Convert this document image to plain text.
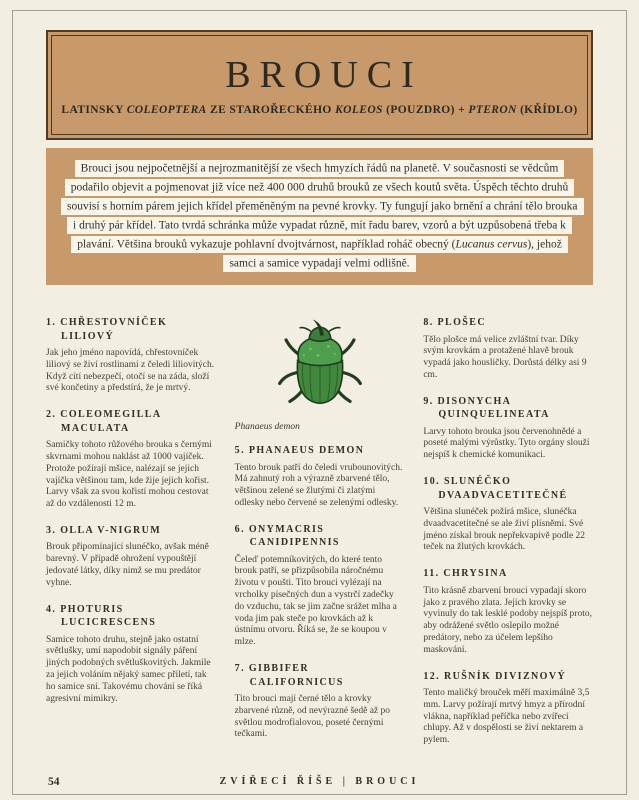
BROUCI

LATINSKY COLEOPTERA ZE STAROŘECKÉHO KOLEOS (POUZDRO) + PTERON (KŘÍDLO)

Brouci jsou nejpočetnější a nejrozmanitější ze všech hmyzích řádů na planetě. V současnosti se vědcům podařilo objevit a pojmenovat již více než 400 000 druhů brouků ze všech koutů světa. Úspěch těchto druhů souvisí s horním párem jejich křídel přeměněným na pevné krovky. Ty fungují jako brnění a chrání tělo brouka i druhý pár křídel. Tato tvrdá schránka může vypadat různě, mít řadu barev, vzorů a být uzpůsobená třeba k plavání. Většina brouků vykazuje pohlavní dvojtvárnost, například roháč obecný (Lucanus cervus), jehož samci a samice vypadají velmi odlišně.

1. CHŘESTOVNÍČEK LILIOVÝ

Jak jeho jméno napovídá, chřestovníček liliový se živí rostlinami z čeledi liliovitých. Když cítí nebezpečí, otočí se na záda, složí své končetiny a předstírá, že je mrtvý.

2. COLEOMEGILLA MACULATA

Samičky tohoto růžového brouka s černými skvrnami mohou naklást až 1000 vajíček. Protože požírají mšice, nalézají se jejich vajíčka většinou tam, kde žije jejich kořist. Larvy však za svou kořistí mohou cestovat až do vzdálenosti 12 m.

3. OLLA V-NIGRUM

Brouk připomínající slunéčko, avšak méně barevný. V případě ohrožení vypouštějí jedovaté látky, díky nimž se mu predátor vyhne.

4. PHOTURIS LUCICRESCENS

Samice tohoto druhu, stejně jako ostatní světlušky, umí napodobit signály páření jiných podobných světluškovitých. Jakmile za jejich voláním nějaký samec přiletí, tak ho samice sní. Takovému chování se říká agresivní mimikry.

Phanaeus demon
5. PHANAEUS DEMON

Tento brouk patří do čeledi vrubounovitých. Má zahnutý roh a výrazně zbarvené tělo, většinou zelené se žlutými či zlatými odlesky nebo červené se zelenými odlesky.

6. ONYMACRIS CANIDIPENNIS

Čeleď potemníkovitých, do které tento brouk patří, se přizpůsobila náročnému životu v poušti. Tito brouci vylézají na vrcholky písečných dun a vystrčí zadečky do vzduchu, tak se jim začne srážet mlha a voda jim pak steče po krovkách až k ústnímu otvoru. Říká se, že se koupou v mlze.

7. GIBBIFER CALIFORNICUS

Tito brouci mají černé tělo a krovky zbarvené různě, od nevýrazné šedě až po světlou modrofialovou, poseté černými tečkami.

8. PLOŠEC

Tělo plošce má velice zvláštní tvar. Díky svým krovkám a protažené hlavě brouk vypadá jako housličky. Dorůstá délky asi 9 cm.

9. DISONYCHA QUINQUELINEATA

Larvy tohoto brouka jsou červenohnědé a poseté malými výrůstky. Tyto orgány slouží nejspíš k chemické komunikaci.

10. SLUNÉČKO DVAADVACETITEČNÉ

Většina slunéček požírá mšice, slunéčka dvaadvacetitečné se ale živí plísněmi. Své jméno získal brouk nepřekvapivě podle 22 teček na žlutých krovkách.

11. CHRYSINA

Tito krásně zbarvení brouci vypadají skoro jako z pravého zlata. Jejich krovky se vyvinuly do tak lesklé podoby nejspíš proto, aby odrážené světlo oslepilo možné predátory, nebo za účelem lepšího maskování.

12. RUŠNÍK DIVIZNOVÝ

Tento maličký brouček měří maximálně 3,5 mm. Larvy požírají mrtvý hmyz a přírodní vlákna, například peříčka nebo zvířecí chlupy. Až v dospělosti se živí nektarem a pylem.

54	ZVÍŘECÍ ŘÍŠE | BROUCI
